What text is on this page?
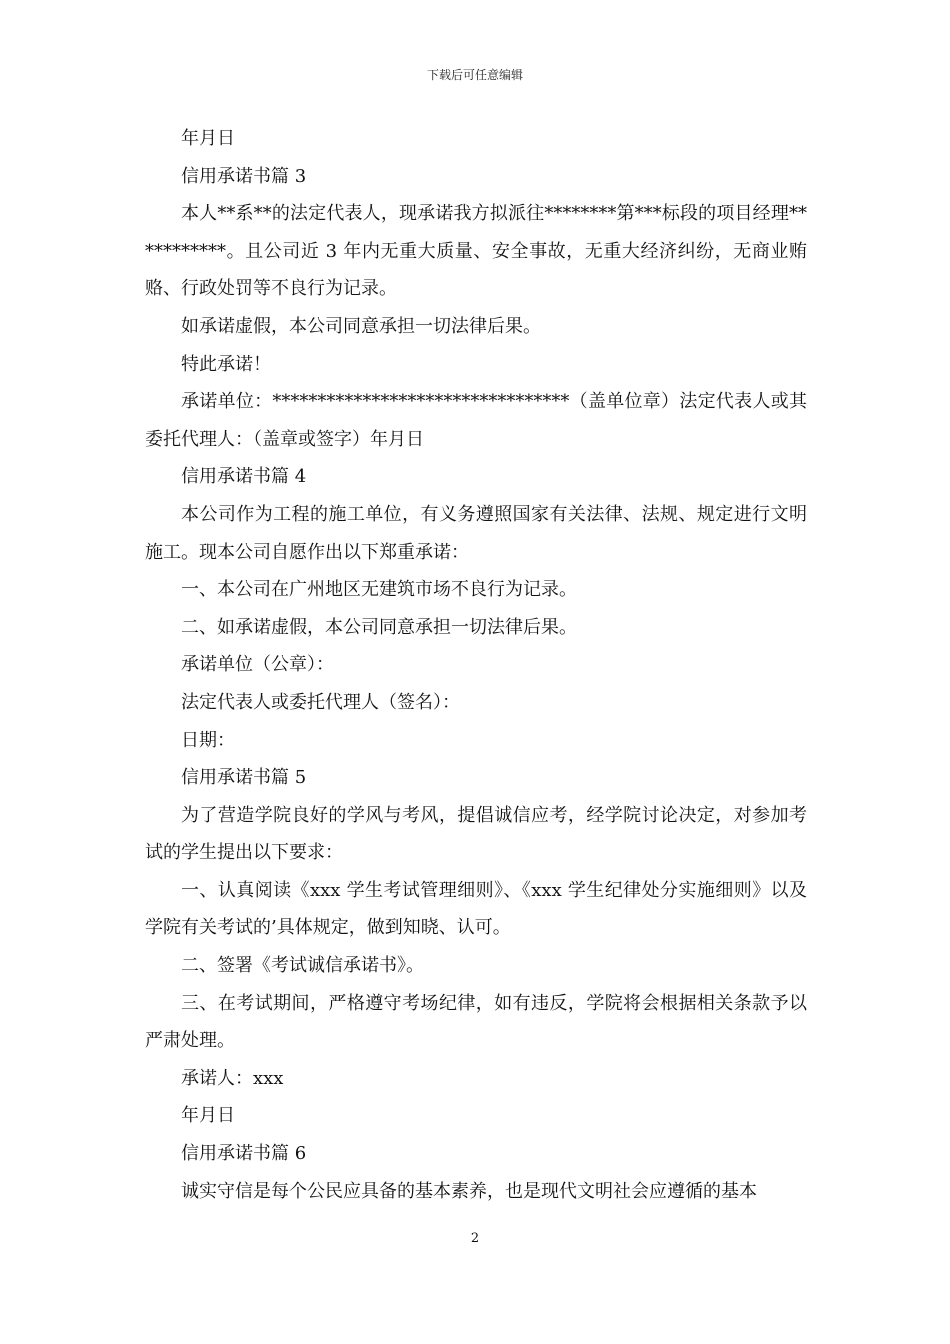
下载后可任意编辑

年月日

信用承诺书篇 3

本人**系**的法定代表人，现承诺我方拟派往********第***标段的项目经理***********。且公司近 3 年内无重大质量、安全事故，无重大经济纠纷，无商业贿赂、行政处罚等不良行为记录。

如承诺虚假，本公司同意承担一切法律后果。

特此承诺！

承诺单位：*********************************（盖单位章）法定代表人或其委托代理人：（盖章或签字）年月日

信用承诺书篇 4

本公司作为工程的施工单位，有义务遵照国家有关法律、法规、规定进行文明施工。现本公司自愿作出以下郑重承诺：

一、本公司在广州地区无建筑市场不良行为记录。

二、如承诺虚假，本公司同意承担一切法律后果。

承诺单位（公章）：

法定代表人或委托代理人（签名）：

日期：

信用承诺书篇 5

为了营造学院良好的学风与考风，提倡诚信应考，经学院讨论决定，对参加考试的学生提出以下要求：

一、认真阅读《xxx 学生考试管理细则》、《xxx 学生纪律处分实施细则》以及学院有关考试的’具体规定，做到知晓、认可。

二、签署《考试诚信承诺书》。

三、在考试期间，严格遵守考场纪律，如有违反，学院将会根据相关条款予以严肃处理。

承诺人：xxx

年月日

信用承诺书篇 6

诚实守信是每个公民应具备的基本素养，也是现代文明社会应遵循的基本

2
